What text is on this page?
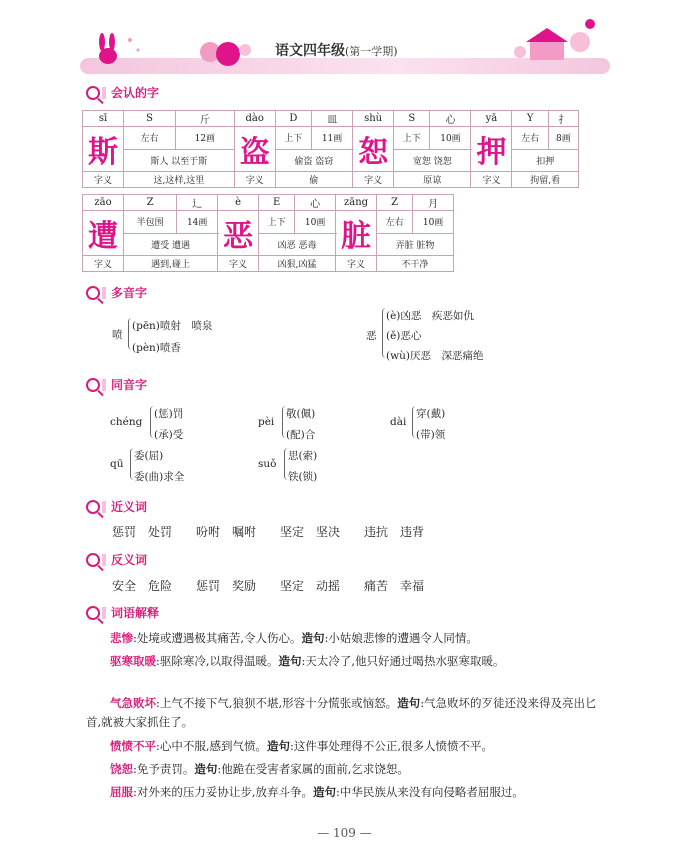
语文四年级(第一学期)
会认的字
sī	S	斤	dào	D	皿	shù	S	心	yā	Y	扌
斯	左右	12画	盗	上下	11画	恕	上下	10画	押	左右	8画
	斯人 以至于斯			偷盗 盗窃			宽恕 饶恕			扣押	
字义	这,这样,这里		字义	偷		字义	原谅		字义	拘留,看	
zāo	Z	辶	è	E	心	zāng	Z	月
遭	半包围	14画	恶	上下	10画	脏	左右	10画
	遭受 遭遇			凶恶 恶毒			弄脏 脏物	
字义	遇到,碰上		字义	凶狠,凶猛		字义	不干净	
多音字
喷
(pēn)喷射　喷泉
(pèn)喷香
恶
(è)凶恶　疾恶如仇
(ě)恶心
(wù)厌恶　深恶痛绝
同音字
chéng
(惩)罚
(承)受
pèi
敬(佩)
(配)合
dài
穿(戴)
(带)领
qū
委(屈)
委(曲)求全
suǒ
思(索)
铁(锁)
近义词
惩罚　处罚　　吩咐　嘱咐　　坚定　坚决　　违抗　违背
反义词
安全　危险　　惩罚　奖励　　坚定　动摇　　痛苦　幸福
词语解释
悲惨:处境或遭遇极其痛苦,令人伤心。造句:小姑娘悲惨的遭遇令人同情。
驱寒取暖:驱除寒冷,以取得温暖。造句:天太冷了,他只好通过喝热水驱寒取暖。
气急败坏:上气不接下气,狼狈不堪,形容十分慌张或恼怒。造句:气急败坏的歹徒还没来得及亮出匕首,就被大家抓住了。
愤愤不平:心中不服,感到气愤。造句:这件事处理得不公正,很多人愤愤不平。
饶恕:免予责罚。造句:他跪在受害者家属的面前,乞求饶恕。
屈服:对外来的压力妥协让步,放弃斗争。造句:中华民族从来没有向侵略者屈服过。
— 109 —
